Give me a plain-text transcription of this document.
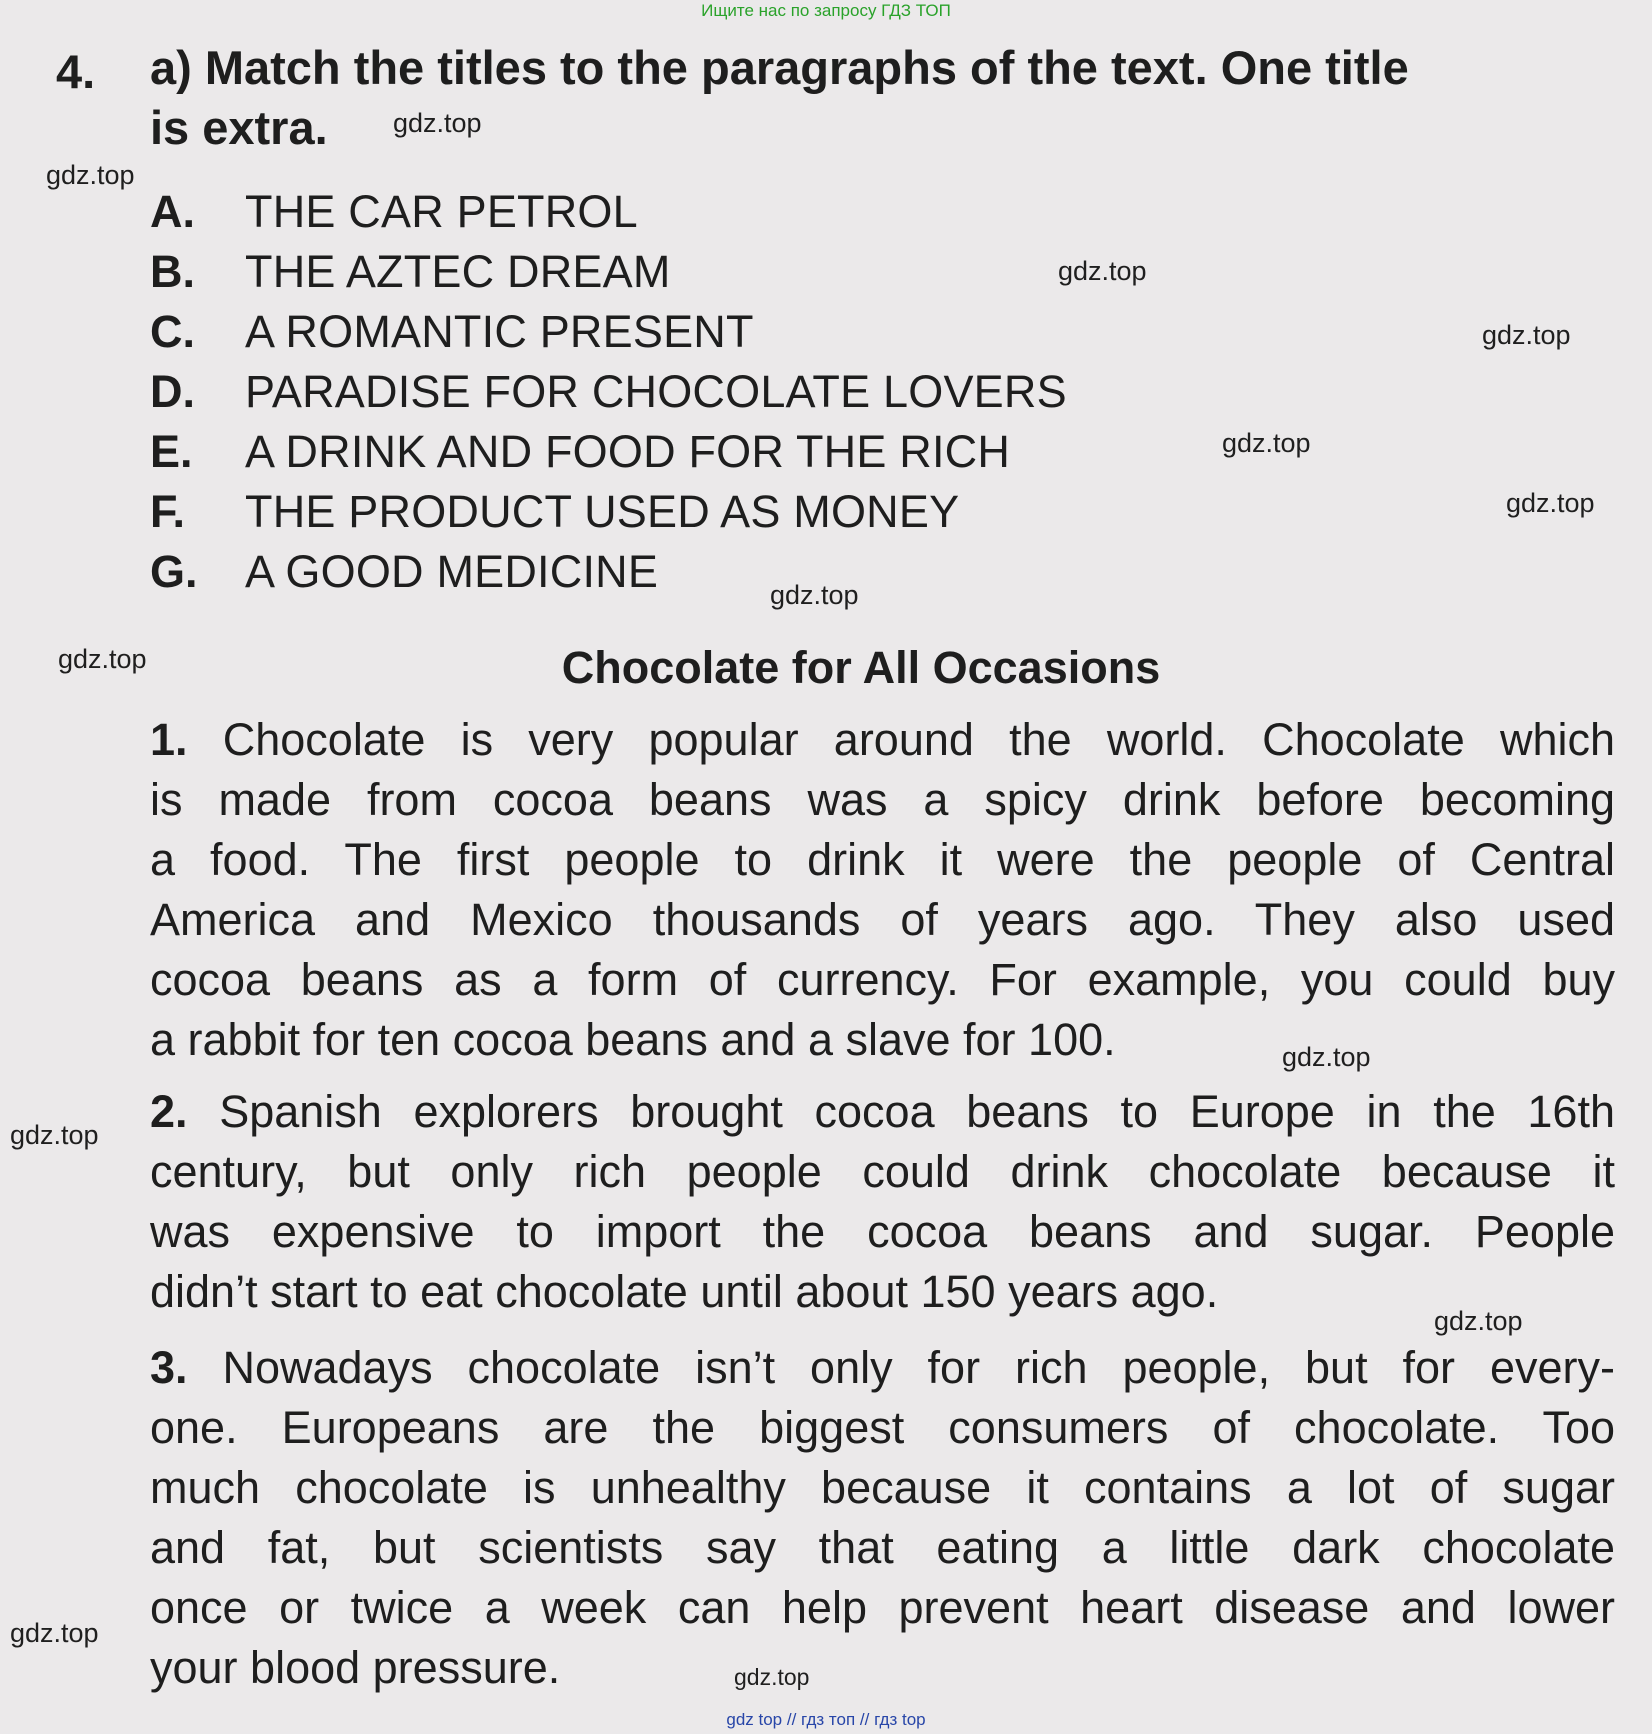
Ищите нас по запросу ГДЗ ТОП
4. a) Match the titles to the paragraphs of the text. One title
is extra.
A. THE CAR PETROL
B. THE AZTEC DREAM
C. A ROMANTIC PRESENT
D. PARADISE FOR CHOCOLATE LOVERS
E. A DRINK AND FOOD FOR THE RICH
F. THE PRODUCT USED AS MONEY
G. A GOOD MEDICINE
Chocolate for All Occasions
1. Chocolate is very popular around the world. Chocolate which
is made from cocoa beans was a spicy drink before becoming
a food. The first people to drink it were the people of Central
America and Mexico thousands of years ago. They also used
cocoa beans as a form of currency. For example, you could buy
a rabbit for ten cocoa beans and a slave for 100.
2. Spanish explorers brought cocoa beans to Europe in the 16th
century, but only rich people could drink chocolate because it
was expensive to import the cocoa beans and sugar. People
didn’t start to eat chocolate until about 150 years ago.
3. Nowadays chocolate isn’t only for rich people, but for every-
one. Europeans are the biggest consumers of chocolate. Too
much chocolate is unhealthy because it contains a lot of sugar
and fat, but scientists say that eating a little dark chocolate
once or twice a week can help prevent heart disease and lower
your blood pressure.
gdz.top
gdz.top
gdz.top
gdz.top
gdz.top
gdz.top
gdz.top
gdz.top
gdz.top
gdz.top
gdz.top
gdz.top
gdz.top
gdz top // гдз топ // гдз top
